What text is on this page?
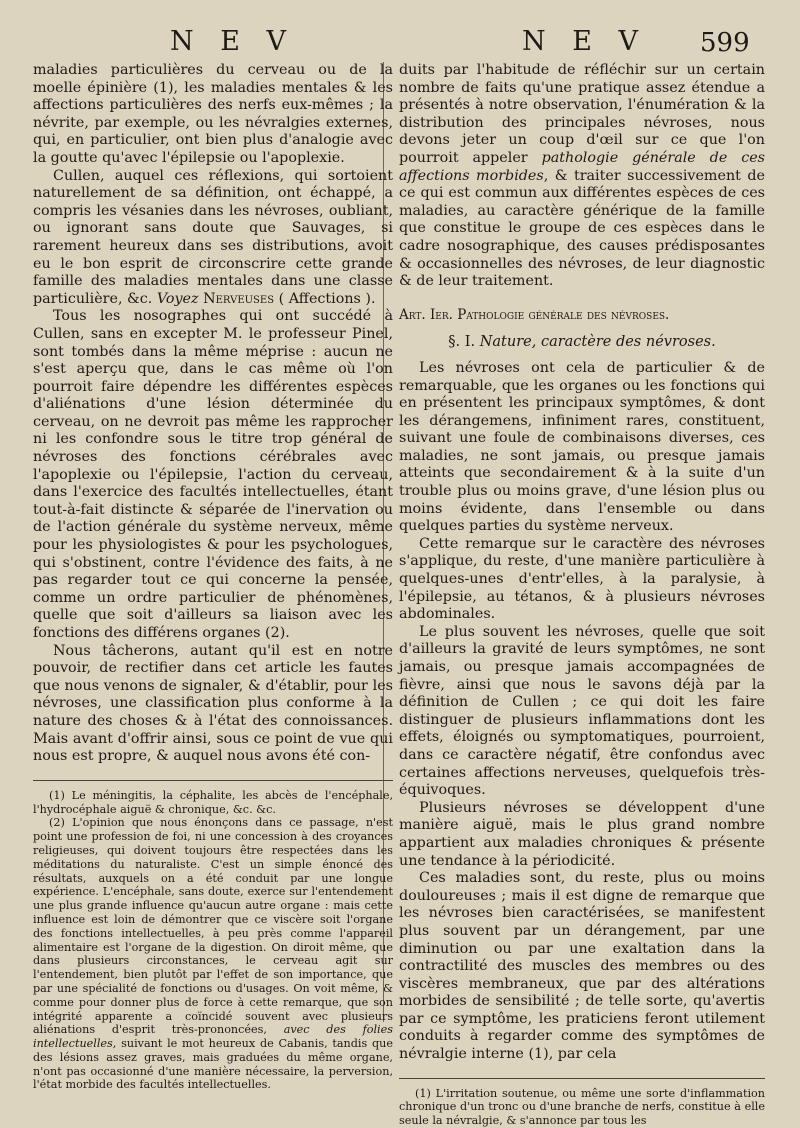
N E V	N E V 599

maladies particulières du cerveau ou de la moelle épinière (1), les maladies mentales & les affections particulières des nerfs eux-mêmes ; la névrite, par exemple, ou les névralgies externes, qui, en particulier, ont bien plus d'analogie avec la goutte qu'avec l'épilepsie ou l'apoplexie.

Cullen, auquel ces réflexions, qui sortoient naturellement de sa définition, ont échappé, a compris les vésanies dans les névroses, oubliant, ou ignorant sans doute que Sauvages, si rarement heureux dans ses distributions, avoit eu le bon esprit de circonscrire cette grande famille des maladies mentales dans une classe particulière, &c. Voyez Nerveuses ( Affections ).

Tous les nosographes qui ont succédé à Cullen, sans en excepter M. le professeur Pinel, sont tombés dans la même méprise : aucun ne s'est aperçu que, dans le cas même où l'on pourroit faire dépendre les différentes espèces d'aliénations d'une lésion déterminée du cerveau, on ne devroit pas même les rapprocher ni les confondre sous le titre trop général de névroses des fonctions cérébrales avec l'apoplexie ou l'épilepsie, l'action du cerveau, dans l'exercice des facultés intellectuelles, étant tout-à-fait distincte & séparée de l'inervation ou de l'action générale du système nerveux, même pour les physiologistes & pour les psychologues, qui s'obstinent, contre l'évidence des faits, à ne pas regarder tout ce qui concerne la pensée, comme un ordre particulier de phénomènes, quelle que soit d'ailleurs sa liaison avec les fonctions des différens organes (2).

Nous tâcherons, autant qu'il est en notre pouvoir, de rectifier dans cet article les fautes que nous venons de signaler, & d'établir, pour les névroses, une classification plus conforme à la nature des choses & à l'état des connoissances. Mais avant d'offrir ainsi, sous ce point de vue qui nous est propre, & auquel nous avons été con-

(1) Le méningitis, la céphalite, les abcès de l'encéphale, l'hydrocéphale aiguë & chronique, &c. &c.

(2) L'opinion que nous énonçons dans ce passage, n'est point une profession de foi, ni une concession à des croyances religieuses, qui doivent toujours être respectées dans les méditations du naturaliste. C'est un simple énoncé des résultats, auxquels on a été conduit par une longue expérience. L'encéphale, sans doute, exerce sur l'entendement une plus grande influence qu'aucun autre organe : mais cette influence est loin de démontrer que ce viscère soit l'organe des fonctions intellectuelles, à peu près comme l'appareil alimentaire est l'organe de la digestion. On diroit même, que dans plusieurs circonstances, le cerveau agit sur l'entendement, bien plutôt par l'effet de son importance, que par une spécialité de fonctions ou d'usages. On voit même, & comme pour donner plus de force à cette remarque, que son intégrité apparente a coïncidé souvent avec plusieurs aliénations d'esprit très-prononcées, avec des folies intellectuelles, suivant le mot heureux de Cabanis, tandis que des lésions assez graves, mais graduées du même organe, n'ont pas occasionné d'une manière nécessaire, la perversion, l'état morbide des facultés intellectuelles.

duits par l'habitude de réfléchir sur un certain nombre de faits qu'une pratique assez étendue a présentés à notre observation, l'énumération & la distribution des principales névroses, nous devons jeter un coup d'œil sur ce que l'on pourroit appeler pathologie générale de ces affections morbides, & traiter successivement de ce qui est commun aux différentes espèces de ces maladies, au caractère générique de la famille que constitue le groupe de ces espèces dans le cadre nosographique, des causes prédisposantes & occasionnelles des névroses, de leur diagnostic & de leur traitement.

Art. Ier. Pathologie générale des névroses.

§. I. Nature, caractère des névroses.

Les névroses ont cela de particulier & de remarquable, que les organes ou les fonctions qui en présentent les principaux symptômes, & dont les dérangemens, infiniment rares, constituent, suivant une foule de combinaisons diverses, ces maladies, ne sont jamais, ou presque jamais atteints que secondairement & à la suite d'un trouble plus ou moins grave, d'une lésion plus ou moins évidente, dans l'ensemble ou dans quelques parties du système nerveux.

Cette remarque sur le caractère des névroses s'applique, du reste, d'une manière particulière à quelques-unes d'entr'elles, à la paralysie, à l'épilepsie, au tétanos, & à plusieurs névroses abdominales.

Le plus souvent les névroses, quelle que soit d'ailleurs la gravité de leurs symptômes, ne sont jamais, ou presque jamais accompagnées de fièvre, ainsi que nous le savons déjà par la définition de Cullen ; ce qui doit les faire distinguer de plusieurs inflammations dont les effets, éloignés ou symptomatiques, pourroient, dans ce caractère négatif, être confondus avec certaines affections nerveuses, quelquefois très-équivoques.

Plusieurs névroses se développent d'une manière aiguë, mais le plus grand nombre appartient aux maladies chroniques & présente une tendance à la périodicité.

Ces maladies sont, du reste, plus ou moins douloureuses ; mais il est digne de remarque que les névroses bien caractérisées, se manifestent plus souvent par un dérangement, par une diminution ou par une exaltation dans la contractilité des muscles des membres ou des viscères membraneux, que par des altérations morbides de sensibilité ; de telle sorte, qu'avertis par ce symptôme, les praticiens feront utilement conduits à regarder comme des symptômes de névralgie interne (1), par cela

(1) L'irritation soutenue, ou même une sorte d'inflammation chronique d'un tronc ou d'une branche de nerfs, constitue à elle seule la névralgie, & s'annonce par tous les
